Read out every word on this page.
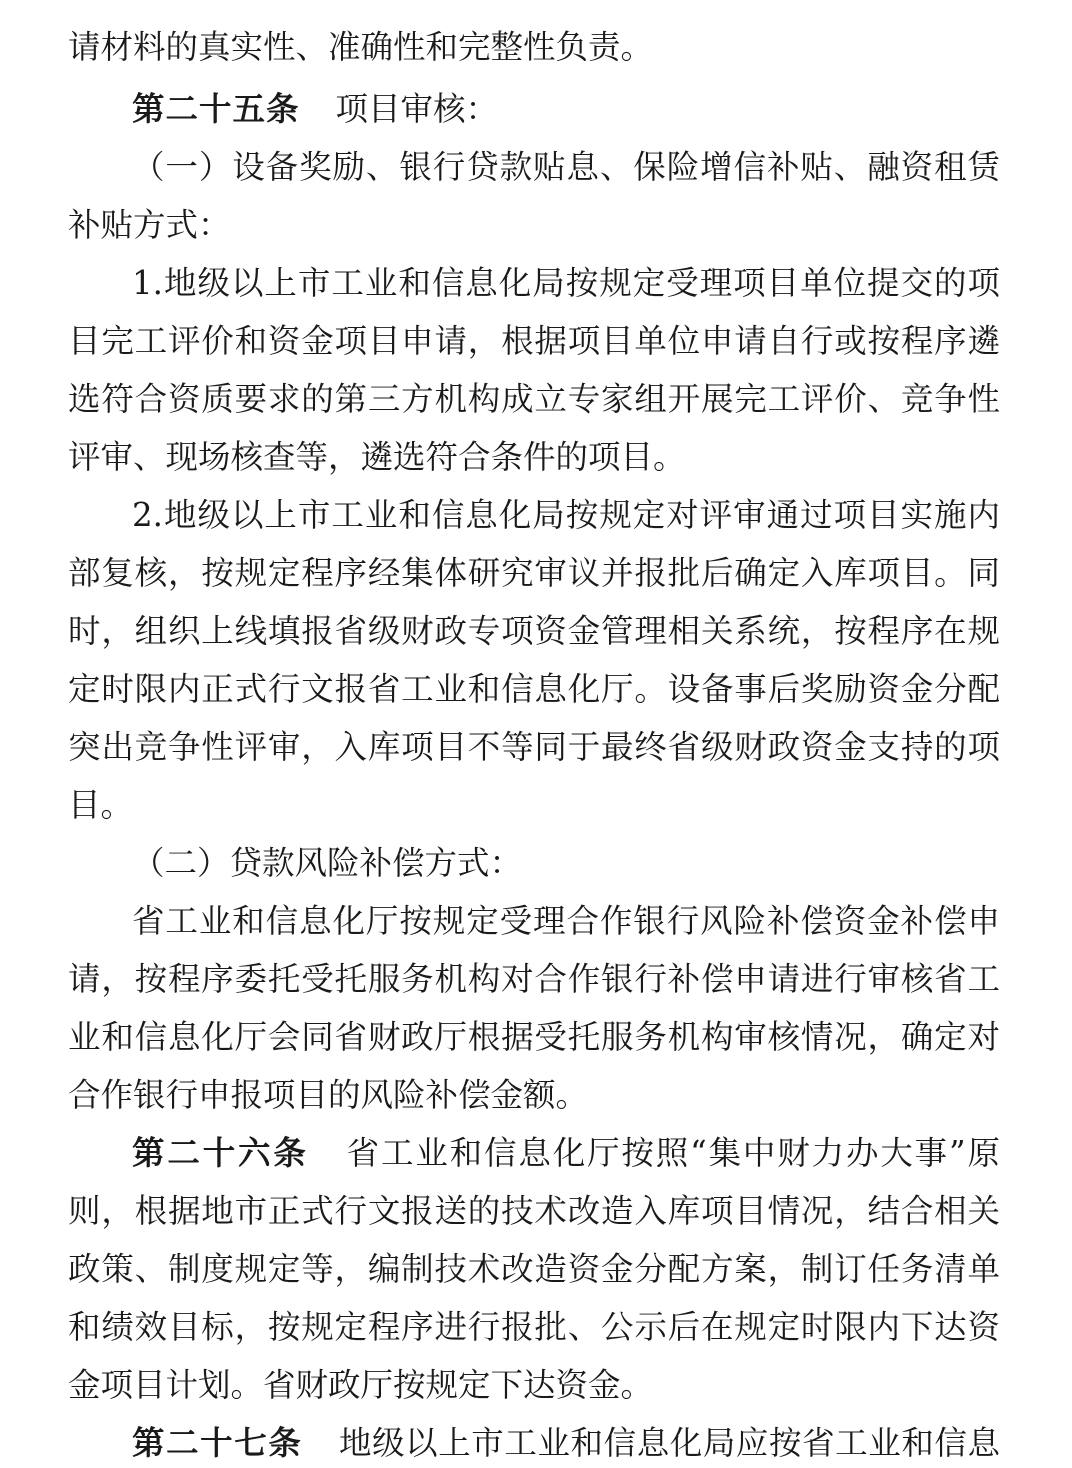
请材料的真实性、准确性和完整性负责。
第二十五条 项目审核：
（一）设备奖励、银行贷款贴息、保险增信补贴、融资租赁
补贴方式：
1.地级以上市工业和信息化局按规定受理项目单位提交的项
目完工评价和资金项目申请，根据项目单位申请自行或按程序遴
选符合资质要求的第三方机构成立专家组开展完工评价、竞争性
评审、现场核查等，遴选符合条件的项目。
2.地级以上市工业和信息化局按规定对评审通过项目实施内
部复核，按规定程序经集体研究审议并报批后确定入库项目。同
时，组织上线填报省级财政专项资金管理相关系统，按程序在规
定时限内正式行文报省工业和信息化厅。设备事后奖励资金分配
突出竞争性评审，入库项目不等同于最终省级财政资金支持的项
目。
（二）贷款风险补偿方式：
省工业和信息化厅按规定受理合作银行风险补偿资金补偿申
请，按程序委托受托服务机构对合作银行补偿申请进行审核省工
业和信息化厅会同省财政厅根据受托服务机构审核情况，确定对
合作银行申报项目的风险补偿金额。
第二十六条 省工业和信息化厅按照“集中财力办大事”原
则，根据地市正式行文报送的技术改造入库项目情况，结合相关
政策、制度规定等，编制技术改造资金分配方案，制订任务清单
和绩效目标，按规定程序进行报批、公示后在规定时限内下达资
金项目计划。省财政厅按规定下达资金。
第二十七条 地级以上市工业和信息化局应按省工业和信息
